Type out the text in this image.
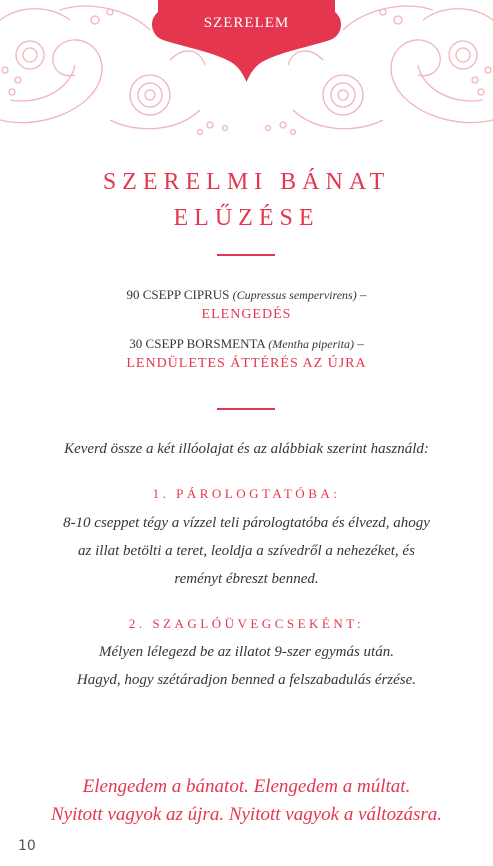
SZERELEM
SZERELMI BÁNAT
ELŰZÉSE
90 CSEPP CIPRUS (Cupressus sempervirens) –
ELENGEDÉS
30 CSEPP BORSMENTA (Mentha piperita) –
LENDÜLETES ÁTTÉRÉS AZ ÚJRA
Keverd össze a két illóolajat és az alábbiak szerint használd:
1. PÁROLOGTATÓBA:
8-10 cseppet tégy a vízzel teli párologtatóba és élvezd, ahogy
az illat betölti a teret, leoldja a szívedről a nehezéket, és
reményt ébreszt benned.
2. SZAGLÓÜVEGCSEKÉNT:
Mélyen lélegezd be az illatot 9-szer egymás után.
Hagyd, hogy szétáradjon benned a felszabadulás érzése.
Elengedem a bánatot. Elengedem a múltat.
Nyitott vagyok az újra. Nyitott vagyok a változásra.
10
